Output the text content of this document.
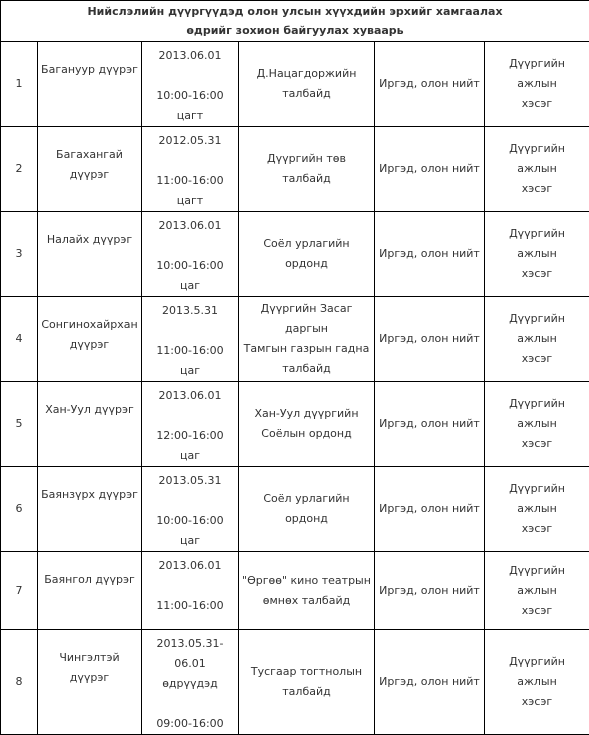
Нийслэлийн дүүргүүдэд олон улсын хүүхдийн эрхийг хамгаалах
өдрийг зохион байгуулах хуваарь					

1	Багануур дүүрэг	2013.06.01
10:00-16:00 цагт	Д.Нацагдоржийн
талбайд	Иргэд, олон нийт	Дүүргийн ажлын
хэсэг

2	Багахангай дүүрэг	2012.05.31
11:00-16:00 цагт	Дүүргийн төв талбайд	Иргэд, олон нийт	Дүүргийн ажлын
хэсэг

3	Налайх дүүрэг	2013.06.01
10:00-16:00 цаг	Соёл урлагийн ордонд	Иргэд, олон нийт	Дүүргийн ажлын
хэсэг

4	Сонгинохайрхан
дүүрэг	2013.5.31
11:00-16:00 цаг	Дүүргийн Засаг даргын
Тамгын газрын гадна
талбайд	Иргэд, олон нийт	Дүүргийн ажлын
хэсэг

5	Хан-Уул дүүрэг	2013.06.01
12:00-16:00 цаг	Хан-Уул дүүргийн
Соёлын ордонд	Иргэд, олон нийт	Дүүргийн ажлын
хэсэг

6	Баянзүрх дүүрэг	2013.05.31
10:00-16:00 цаг	Соёл урлагийн ордонд	Иргэд, олон нийт	Дүүргийн ажлын
хэсэг

7	Баянгол дүүрэг	2013.06.01
11:00-16:00	"Өргөө" кино театрын
өмнөх талбайд	Иргэд, олон нийт	Дүүргийн ажлын
хэсэг

8	Чингэлтэй дүүрэг	2013.05.31-06.01
өдрүүдэд
09:00-16:00	Тусгаар тогтнолын
талбайд	Иргэд, олон нийт	Дүүргийн ажлын
хэсэг
